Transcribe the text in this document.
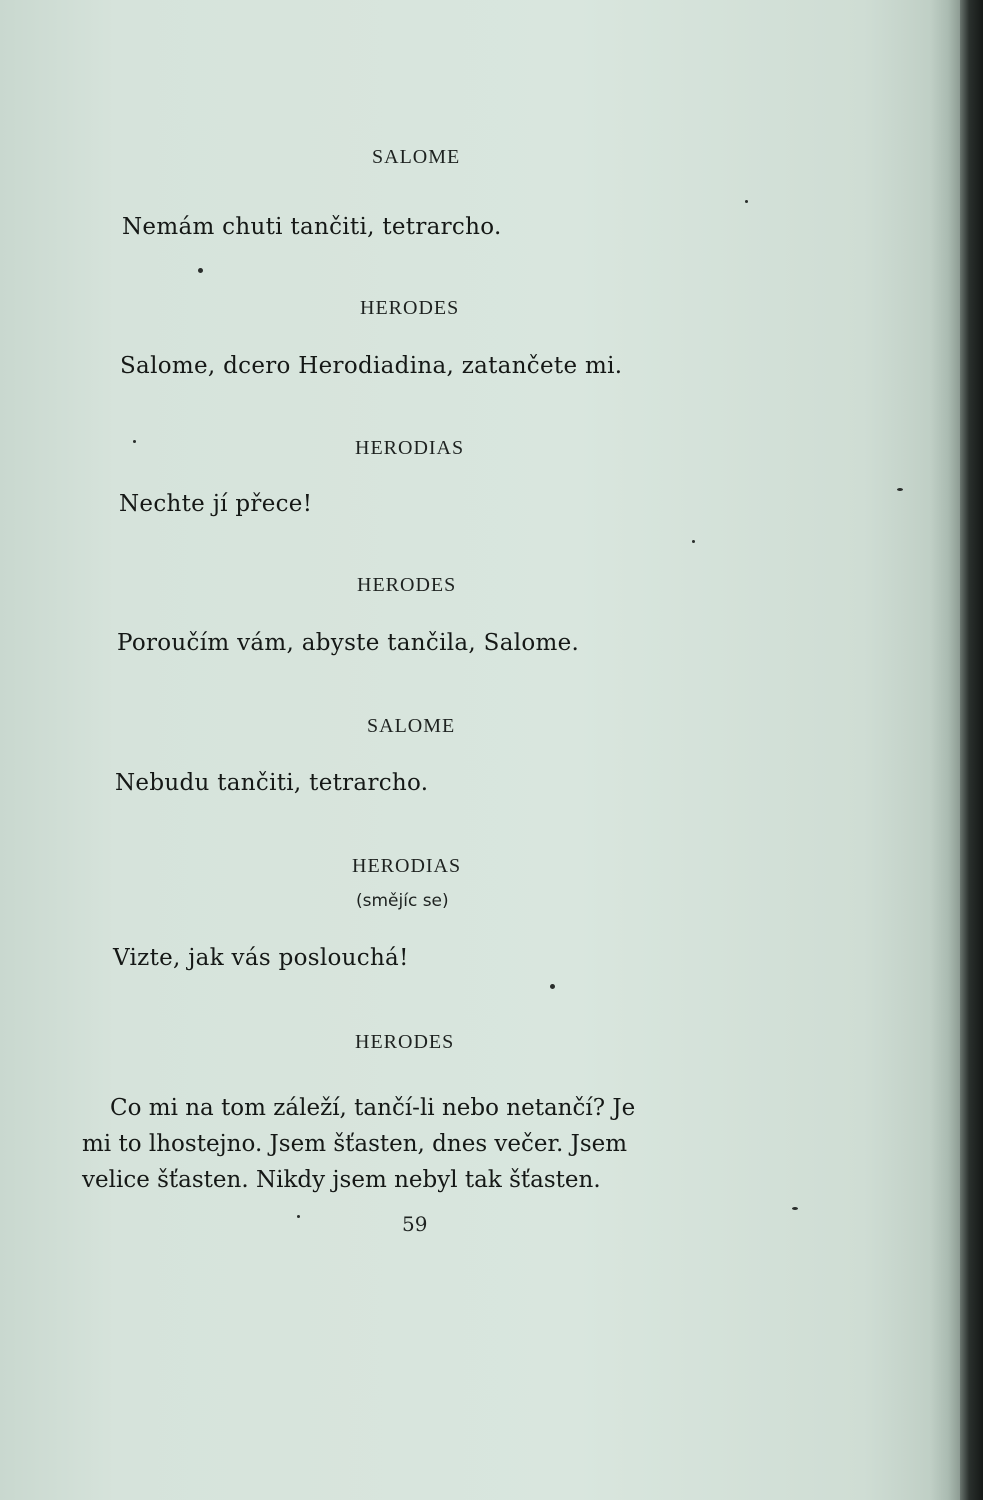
SALOME
Nemám chuti tančiti, tetrarcho.
HERODES
Salome, dcero Herodiadina, zatančete mi.
HERODIAS
Nechte jí přece!
HERODES
Poroučím vám, abyste tančila, Salome.
SALOME
Nebudu tančiti, tetrarcho.
HERODIAS
(smějíc se)
Vizte, jak vás poslouchá!
HERODES
Co mi na tom záleží, tančí-li nebo netančí? Je
mi to lhostejno. Jsem šťasten, dnes večer. Jsem
velice šťasten. Nikdy jsem nebyl tak šťasten.
59
